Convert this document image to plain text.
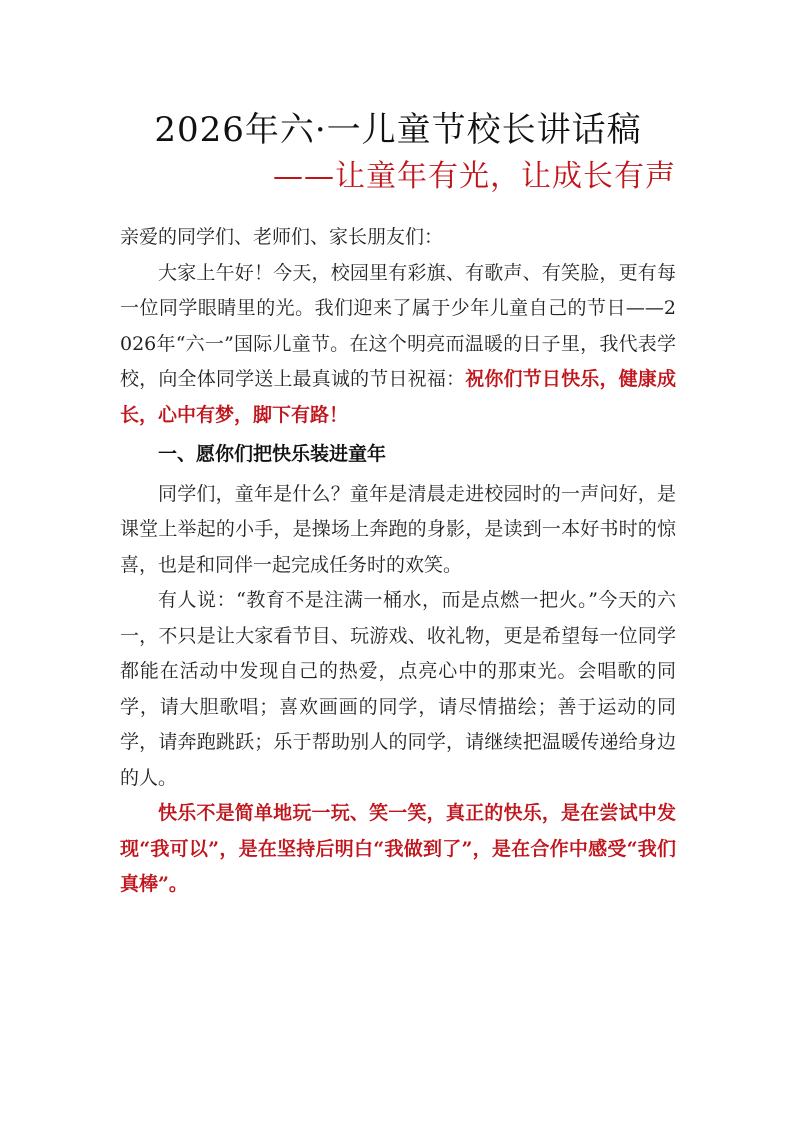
2026年六·一儿童节校长讲话稿
——让童年有光，让成长有声

亲爱的同学们、老师们、家长朋友们：

大家上午好！今天，校园里有彩旗、有歌声、有笑脸，更有每一位同学眼睛里的光。我们迎来了属于少年儿童自己的节日——2026年“六一”国际儿童节。在这个明亮而温暖的日子里，我代表学校，向全体同学送上最真诚的节日祝福：祝你们节日快乐，健康成长，心中有梦，脚下有路！

一、愿你们把快乐装进童年

同学们，童年是什么？童年是清晨走进校园时的一声问好，是课堂上举起的小手，是操场上奔跑的身影，是读到一本好书时的惊喜，也是和同伴一起完成任务时的欢笑。

有人说：“教育不是注满一桶水，而是点燃一把火。”今天的六一，不只是让大家看节目、玩游戏、收礼物，更是希望每一位同学都能在活动中发现自己的热爱，点亮心中的那束光。会唱歌的同学，请大胆歌唱；喜欢画画的同学，请尽情描绘；善于运动的同学，请奔跑跳跃；乐于帮助别人的同学，请继续把温暖传递给身边的人。

快乐不是简单地玩一玩、笑一笑，真正的快乐，是在尝试中发现“我可以”，是在坚持后明白“我做到了”，是在合作中感受“我们真棒”。
